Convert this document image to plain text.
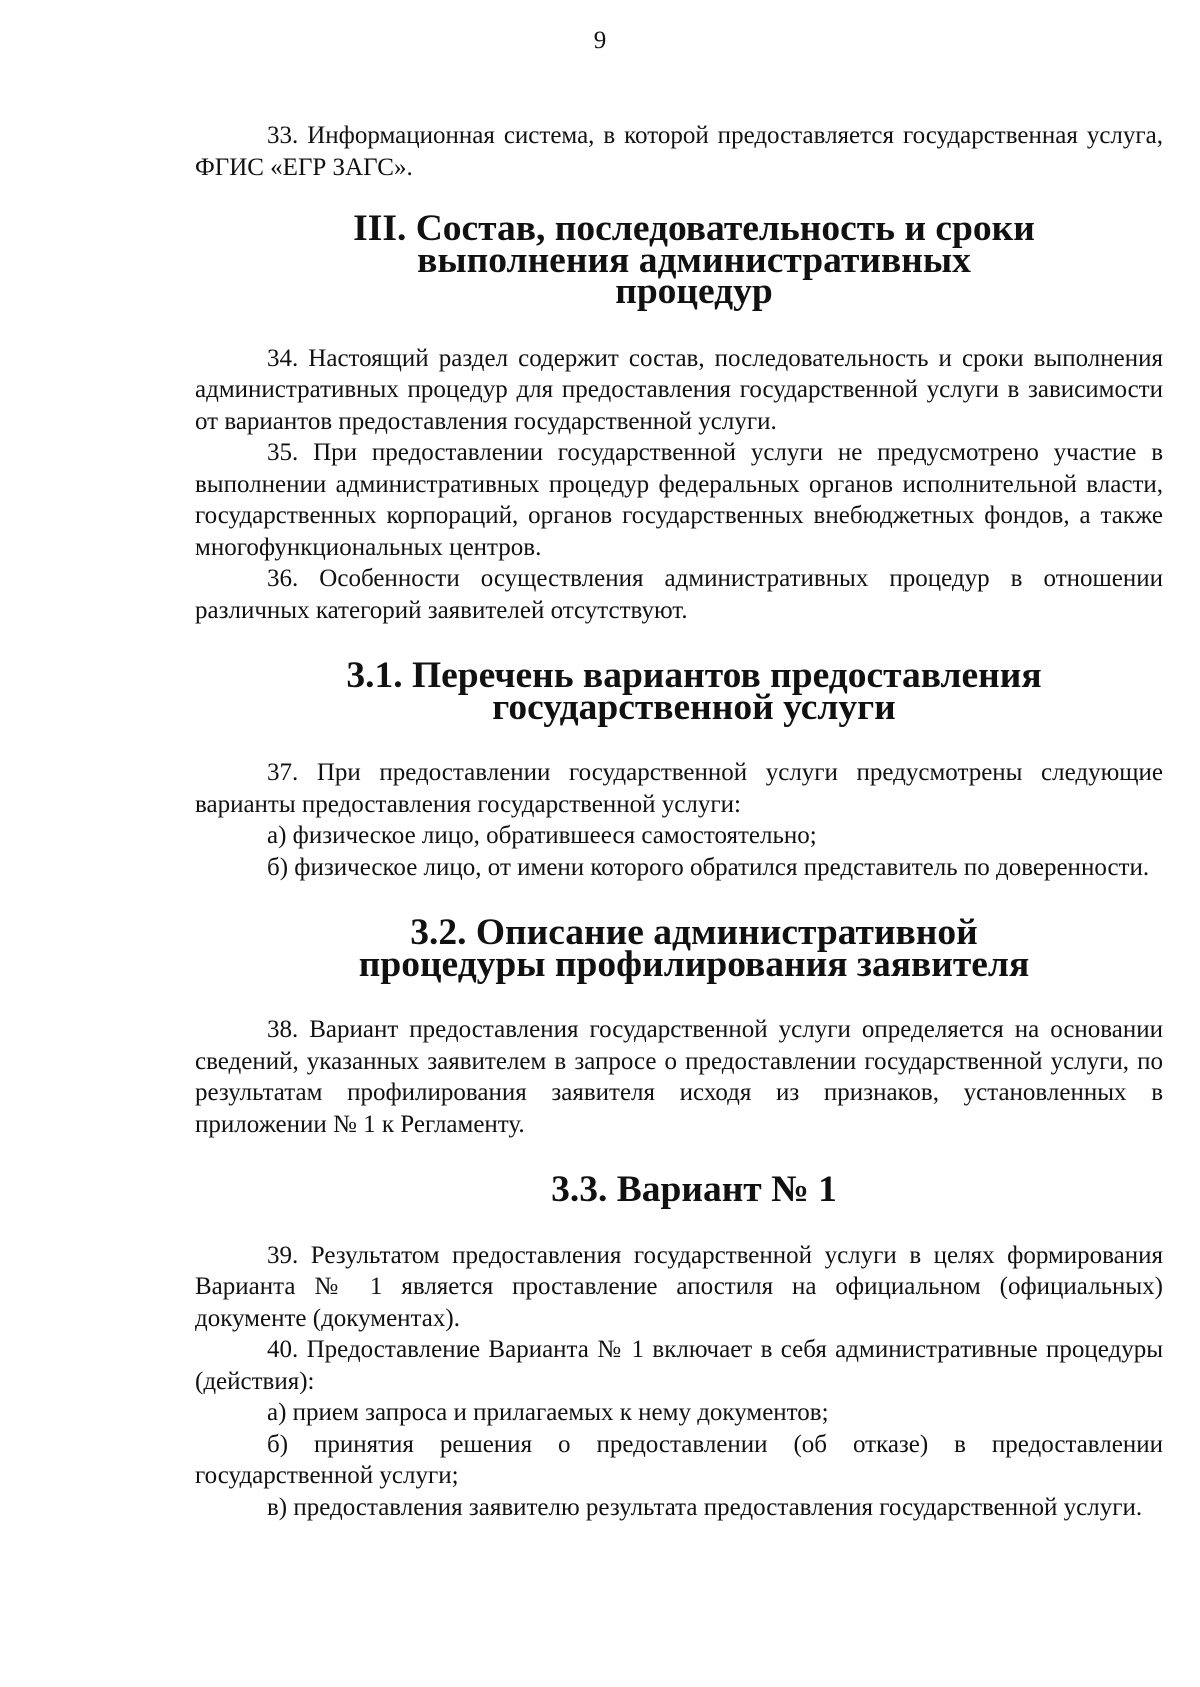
9

33. Информационная система, в которой предоставляется государственная услуга, ФГИС «ЕГР ЗАГС».

III. Состав, последовательность и сроки выполнения административных процедур

34. Настоящий раздел содержит состав, последовательность и сроки выполнения административных процедур для предоставления государственной услуги в зависимости от вариантов предоставления государственной услуги.

35. При предоставлении государственной услуги не предусмотрено участие в выполнении административных процедур федеральных органов исполнительной власти, государственных корпораций, органов государственных внебюджетных фондов, а также многофункциональных центров.

36. Особенности осуществления административных процедур в отношении различных категорий заявителей отсутствуют.

3.1. Перечень вариантов предоставления государственной услуги

37. При предоставлении государственной услуги предусмотрены следующие варианты предоставления государственной услуги:

а) физическое лицо, обратившееся самостоятельно;

б) физическое лицо, от имени которого обратился представитель по доверенности.

3.2. Описание административной процедуры профилирования заявителя

38. Вариант предоставления государственной услуги определяется на основании сведений, указанных заявителем в запросе о предоставлении государственной услуги, по результатам профилирования заявителя исходя из признаков, установленных в приложении № 1 к Регламенту.

3.3. Вариант № 1

39. Результатом предоставления государственной услуги в целях формирования Варианта № 1 является проставление апостиля на официальном (официальных) документе (документах).

40. Предоставление Варианта № 1 включает в себя административные процедуры (действия):

а) прием запроса и прилагаемых к нему документов;

б) принятия решения о предоставлении (об отказе) в предоставлении государственной услуги;

в) предоставления заявителю результата предоставления государственной услуги.
